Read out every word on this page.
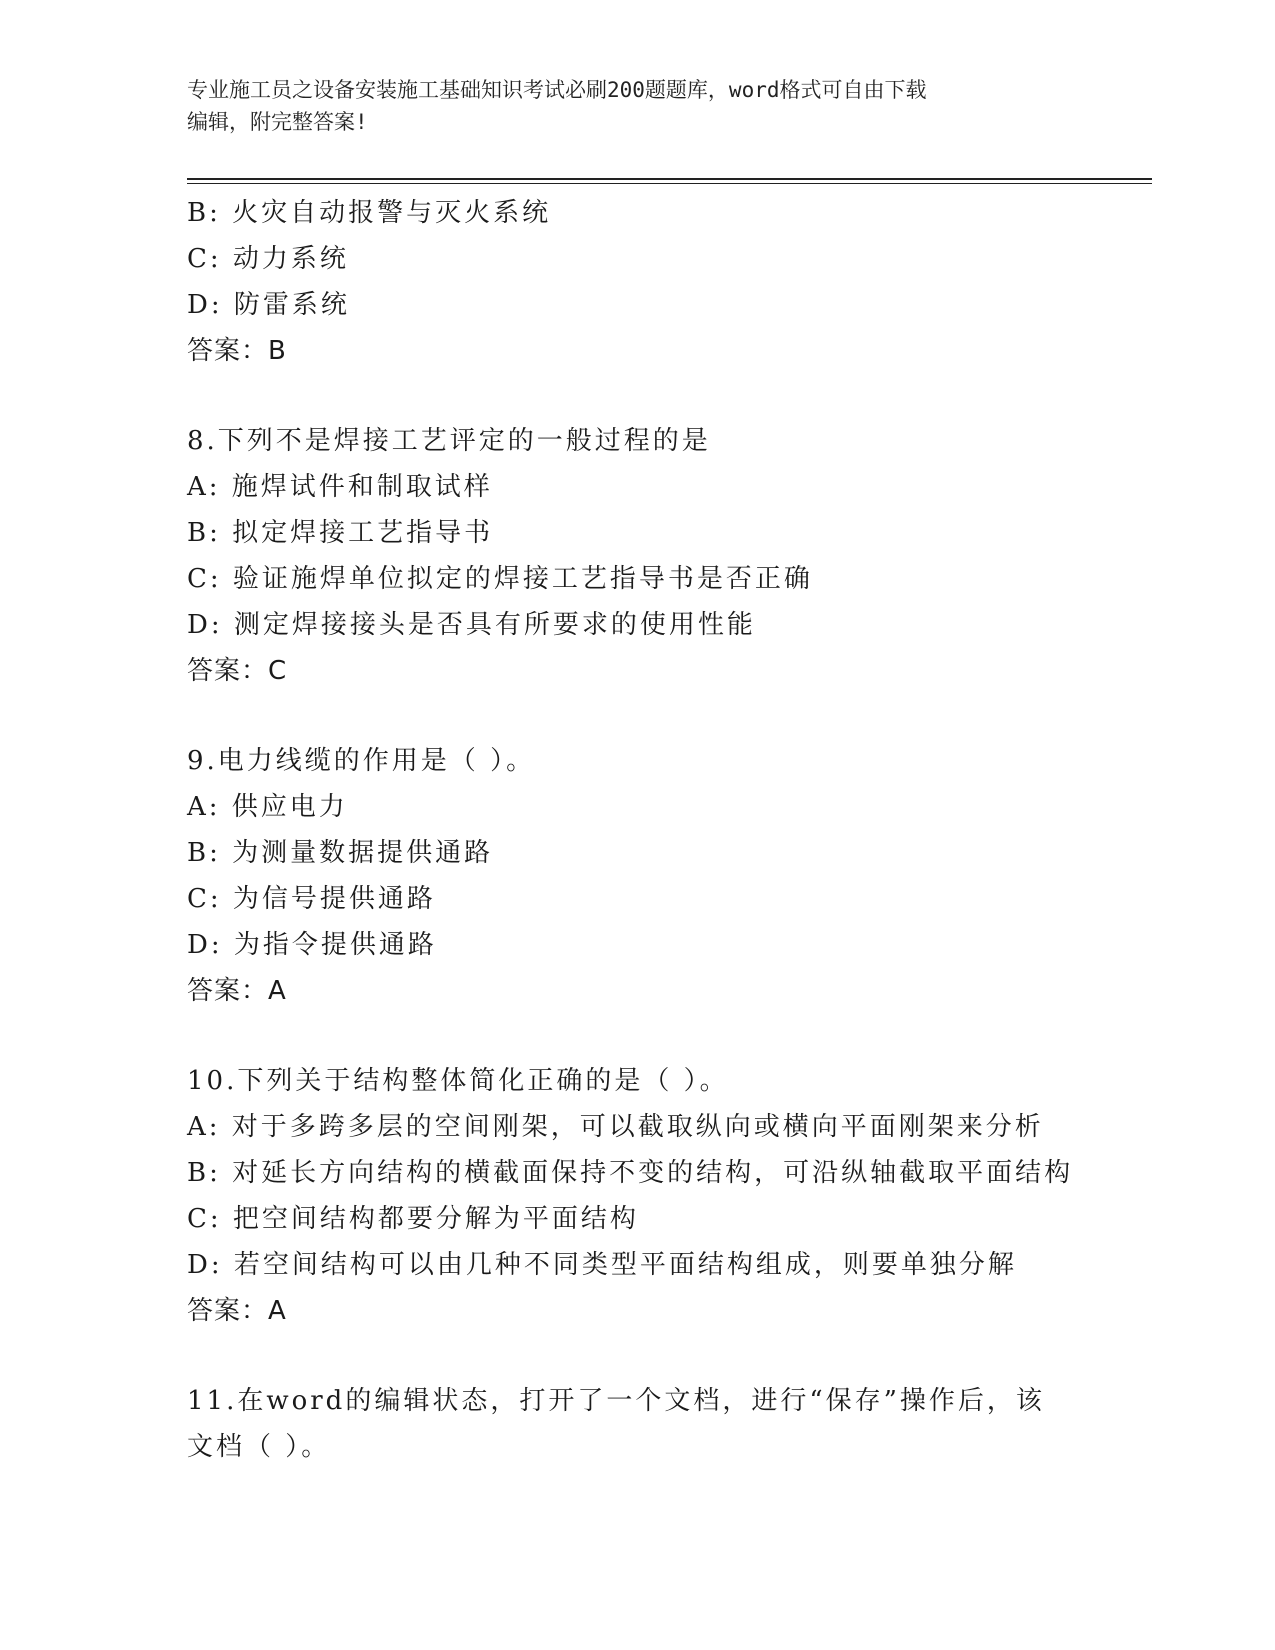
专业施工员之设备安装施工基础知识考试必刷200题题库，word格式可自由下载
编辑，附完整答案!
B: 火灾自动报警与灭火系统
C: 动力系统
D: 防雷系统
答案：B
8.下列不是焊接工艺评定的一般过程的是
A: 施焊试件和制取试样
B: 拟定焊接工艺指导书
C: 验证施焊单位拟定的焊接工艺指导书是否正确
D: 测定焊接接头是否具有所要求的使用性能
答案：C
9.电力线缆的作用是（ ）。
A: 供应电力
B: 为测量数据提供通路
C: 为信号提供通路
D: 为指令提供通路
答案：A
10.下列关于结构整体简化正确的是（ ）。
A: 对于多跨多层的空间刚架，可以截取纵向或横向平面刚架来分析
B: 对延长方向结构的横截面保持不变的结构，可沿纵轴截取平面结构
C: 把空间结构都要分解为平面结构
D: 若空间结构可以由几种不同类型平面结构组成，则要单独分解
答案：A
11.在word的编辑状态，打开了一个文档，进行“保存”操作后，该
文档（ ）。
